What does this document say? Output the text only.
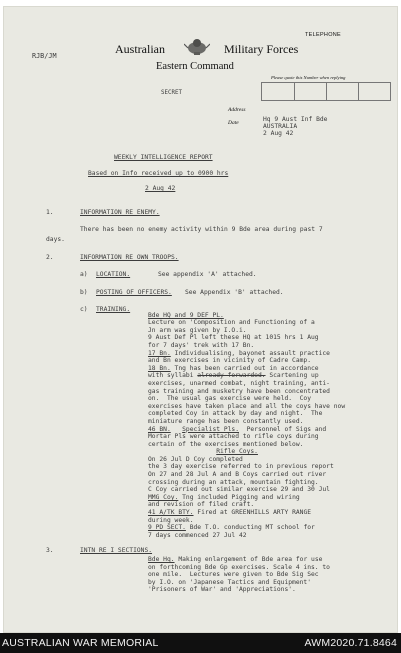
RJB/JM	Australian	Military Forces
TELEPHONE
Eastern Command
Please quote this Number when replying
SECRET
Address
Date	Hq 9 Aust Inf Bde
AUSTRALIA
2 Aug 42
WEEKLY INTELLIGENCE REPORT
Based on Info received up to 0900 hrs
2 Aug 42
1.	INFORMATION RE ENEMY.
There has been no enemy activity within 9 Bde area during past 7
days.
2.	INFORMATION RE OWN TROOPS.
a) LOCATION.	See appendix 'A' attached.
b) POSTING OF OFFICERS. See Appendix 'B' attached.
c) TRAINING.

Bde HQ and 9 DEF PL.
Lecture on 'Composition and Functioning of a
Jn arm was given by I.O.i.
9 Aust Def Pl left these HQ at 1015 hrs 1 Aug
for 7 days' trek with 17 Bn.
17 Bn. Individualising, bayonet assault practice
and Bn exercises in vicinity of Cadre Camp.
18 Bn. Tng has been carried out in accordance
with syllabi already forwarded. Scartening up
exercises, unarmed combat, night training, anti-
gas training and musketry have been concentrated
on.  The usual gas exercise were held.  Coy
exercises have taken place and all the coys have now
completed Coy in attack by day and night.  The
miniature range has been constantly used.
46 BN. Specialist Pls.  Personnel of Sigs and
Mortar Pls were attached to rifle coys during
certain of the exercises mentioned below.
Rifle Coys.
On 26 Jul D Coy completed
the 3 day exercise referred to in previous report
On 27 and 28 Jul A and B Coys carried out river
crossing during an attack, mountain fighting.
C Coy carried out similar exercise 29 and 30 Jul
MMG Coy. Tng included Pigging and wiring
and revision of filed craft.
41 A/TK BTY. Fired at GREENHILLS ARTY RANGE
during week.
9 PD SECT. Bde T.O. conducting MT school for
7 days commenced 27 Jul 42
3.	INTN RE I SECTIONS.
Bde Hq. Making enlargement of Bde area for use
on forthcoming Bde Gp exercises. Scale 4 ins. to
one mile.  Lectures were given to Bde Sig Sec
by I.O. on 'Japanese Tactics and Equipment'
'Prisoners of War' and 'Appreciations'.
AUSTRALIAN WAR MEMORIAL	AWM2020.71.8464
